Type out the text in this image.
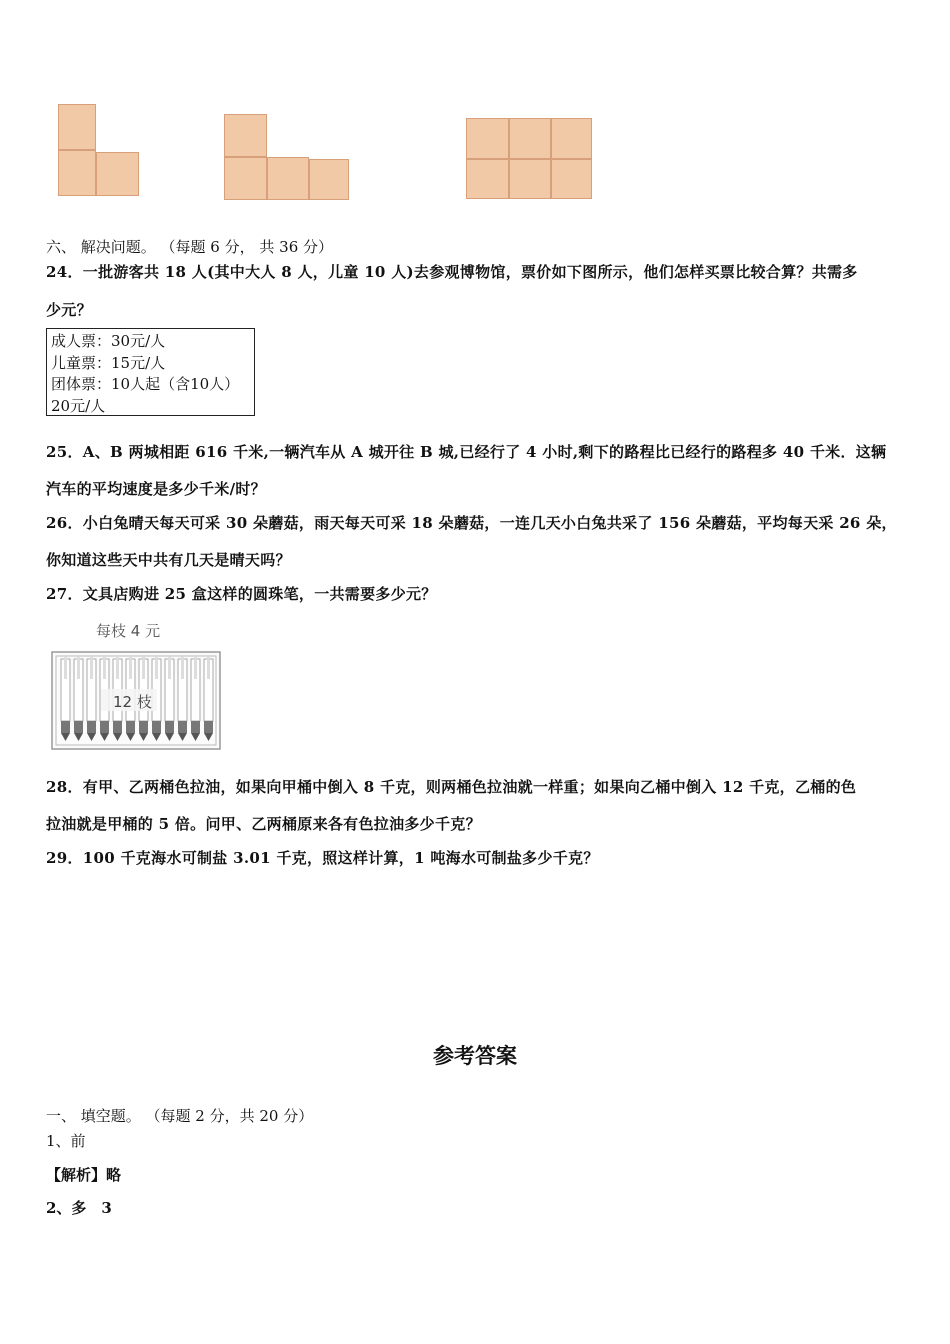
六、 解决问题。 （每题 6 分， 共 36 分）
24．一批游客共 18 人(其中大人 8 人，儿童 10 人)去参观博物馆，票价如下图所示，他们怎样买票比较合算？共需多
少元？
成人票：30元/人
儿童票：15元/人
团体票：10人起（含10人）
20元/人
25．A、B 两城相距 616 千米,一辆汽车从 A 城开往 B 城,已经行了 4 小时,剩下的路程比已经行的路程多 40 千米．这辆
汽车的平均速度是多少千米/时？
26．小白兔晴天每天可采 30 朵蘑菇，雨天每天可采 18 朵蘑菇，一连几天小白兔共采了 156 朵蘑菇，平均每天采 26 朵，
你知道这些天中共有几天是晴天吗？
27．文具店购进 25 盒这样的圆珠笔，一共需要多少元？
每枝 4 元
12 枝
28．有甲、乙两桶色拉油，如果向甲桶中倒入 8 千克，则两桶色拉油就一样重；如果向乙桶中倒入 12 千克，乙桶的色
拉油就是甲桶的 5 倍。问甲、乙两桶原来各有色拉油多少千克？
29．100 千克海水可制盐 3.01 千克，照这样计算，1 吨海水可制盐多少千克？
参考答案
一、 填空题。 （每题 2 分，共 20 分）
1、前
【解析】略
2、多　3
